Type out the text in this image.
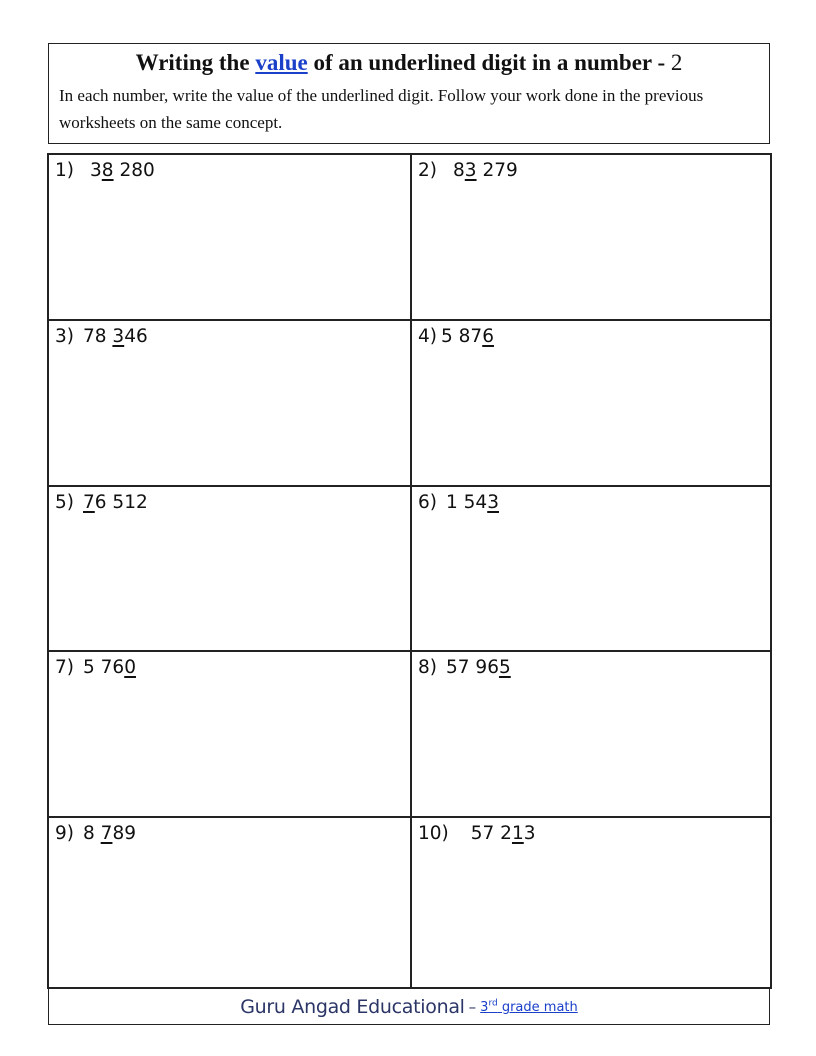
Writing the value of an underlined digit in a number - 2
In each number, write the value of the underlined digit. Follow your work done in the previous worksheets on the same concept.
1) 38 280	2) 83 279
3) 78 346	4) 5 876
5) 76 512	6) 1 543
7) 5 760	8) 57 965
9) 8 789	10) 57 213
Guru Angad Educational – 3rd grade math
